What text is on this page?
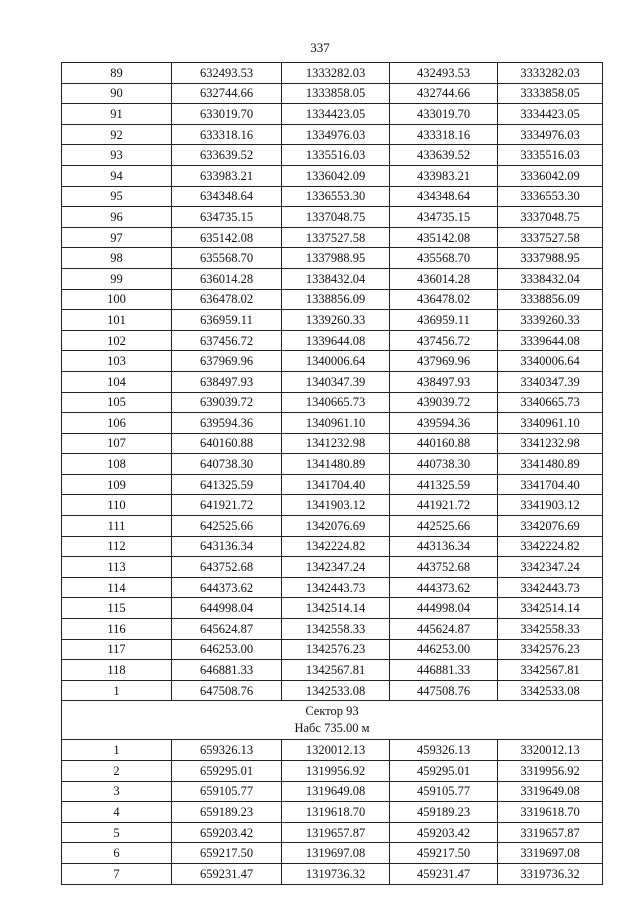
337
89	632493.53	1333282.03	432493.53	3333282.03
90	632744.66	1333858.05	432744.66	3333858.05
91	633019.70	1334423.05	433019.70	3334423.05
92	633318.16	1334976.03	433318.16	3334976.03
93	633639.52	1335516.03	433639.52	3335516.03
94	633983.21	1336042.09	433983.21	3336042.09
95	634348.64	1336553.30	434348.64	3336553.30
96	634735.15	1337048.75	434735.15	3337048.75
97	635142.08	1337527.58	435142.08	3337527.58
98	635568.70	1337988.95	435568.70	3337988.95
99	636014.28	1338432.04	436014.28	3338432.04
100	636478.02	1338856.09	436478.02	3338856.09
101	636959.11	1339260.33	436959.11	3339260.33
102	637456.72	1339644.08	437456.72	3339644.08
103	637969.96	1340006.64	437969.96	3340006.64
104	638497.93	1340347.39	438497.93	3340347.39
105	639039.72	1340665.73	439039.72	3340665.73
106	639594.36	1340961.10	439594.36	3340961.10
107	640160.88	1341232.98	440160.88	3341232.98
108	640738.30	1341480.89	440738.30	3341480.89
109	641325.59	1341704.40	441325.59	3341704.40
110	641921.72	1341903.12	441921.72	3341903.12
111	642525.66	1342076.69	442525.66	3342076.69
112	643136.34	1342224.82	443136.34	3342224.82
113	643752.68	1342347.24	443752.68	3342347.24
114	644373.62	1342443.73	444373.62	3342443.73
115	644998.04	1342514.14	444998.04	3342514.14
116	645624.87	1342558.33	445624.87	3342558.33
117	646253.00	1342576.23	446253.00	3342576.23
118	646881.33	1342567.81	446881.33	3342567.81
1	647508.76	1342533.08	447508.76	3342533.08

Сектор 93
Набс 735.00 м				

1	659326.13	1320012.13	459326.13	3320012.13
2	659295.01	1319956.92	459295.01	3319956.92
3	659105.77	1319649.08	459105.77	3319649.08
4	659189.23	1319618.70	459189.23	3319618.70
5	659203.42	1319657.87	459203.42	3319657.87
6	659217.50	1319697.08	459217.50	3319697.08
7	659231.47	1319736.32	459231.47	3319736.32
